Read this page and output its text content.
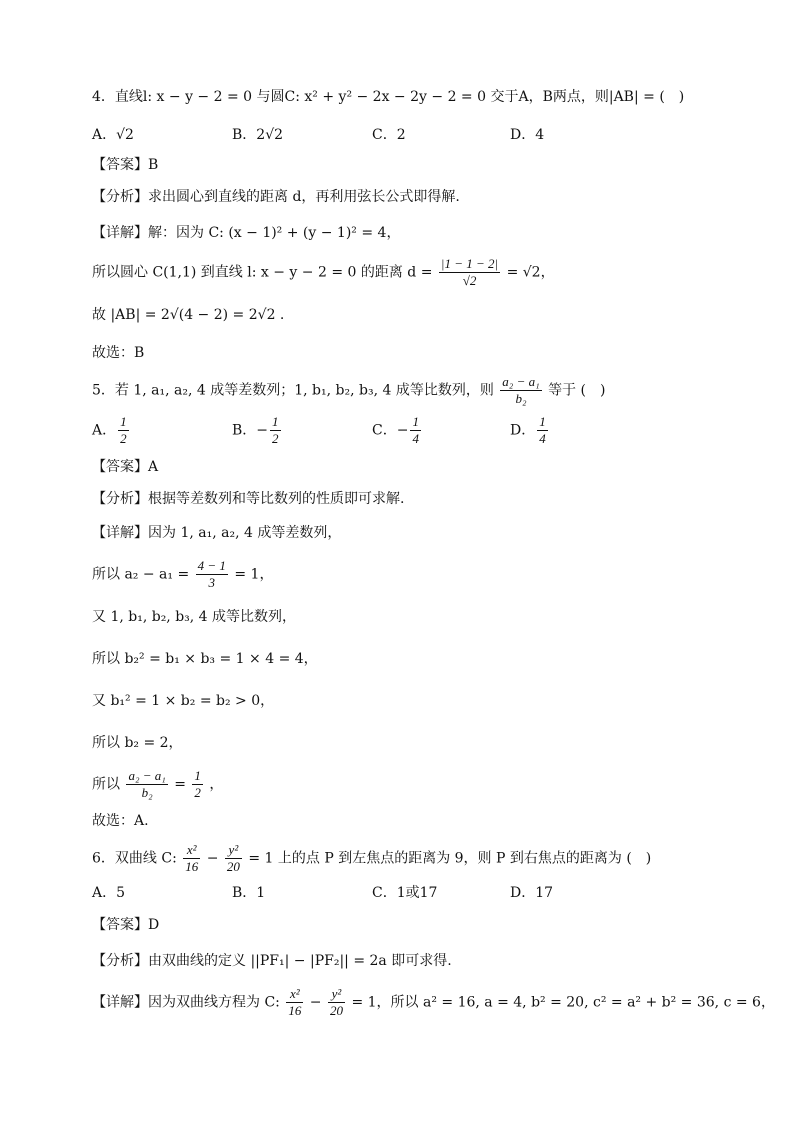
4．直线l: x − y − 2 = 0 与圆C: x² + y² − 2x − 2y − 2 = 0 交于A，B两点，则|AB| = (　)
A．√2	B．2√2	C．2	D．4
【答案】B
【分析】求出圆心到直线的距离 d，再利用弦长公式即得解.
【详解】解：因为 C: (x − 1)² + (y − 1)² = 4，
所以圆心 C(1,1) 到直线 l: x − y − 2 = 0 的距离 $d = \frac{|1 - 1 - 2|}{√2} = √2$，
故 |AB| = 2√(4 − 2) = 2√2 .
故选：B
5．若 1, a₁, a₂, 4 成等差数列；1, b₁, b₂, b₃, 4 成等比数列，则 $\frac{\text{a₂ − a₁}}{\text{b₂}}$ 等于 (　)
A． $\frac{1}{2}$	B．− $\frac{1}{2}$	C．− $\frac{1}{4}$	D． $\frac{1}{4}$
【答案】A
【分析】根据等差数列和等比数列的性质即可求解.
【详解】因为 1, a₁, a₂, 4 成等差数列，
所以 $a_2 - a_1 = \frac{4 - 1}{3} = 1$，
又 1, b₁, b₂, b₃, 4 成等比数列，
所以 b₂² = b₁ × b₃ = 1 × 4 = 4，
又 b₁² = 1 × b₂ = b₂ > 0，
所以 b₂ = 2，
所以 $\frac{\text{a₂ − a₁}}{\text{b₂}} = \frac{1}{2}$ ，
故选：A.
6．双曲线 C: $\frac{\text{x²}}{16} - \frac{\text{y²}}{20} = 1$ 上的点 P 到左焦点的距离为 9，则 P 到右焦点的距离为 (　)
A．5	B．1	C．1或17	D．17
【答案】D
【分析】由双曲线的定义 ||PF₁| − |PF₂|| = 2a 即可求得.
【详解】因为双曲线方程为 C: $\frac{\text{x²}}{16} - \frac{\text{y²}}{20} = 1$，所以 a² = 16, a = 4, b² = 20, c² = a² + b² = 36, c = 6，
